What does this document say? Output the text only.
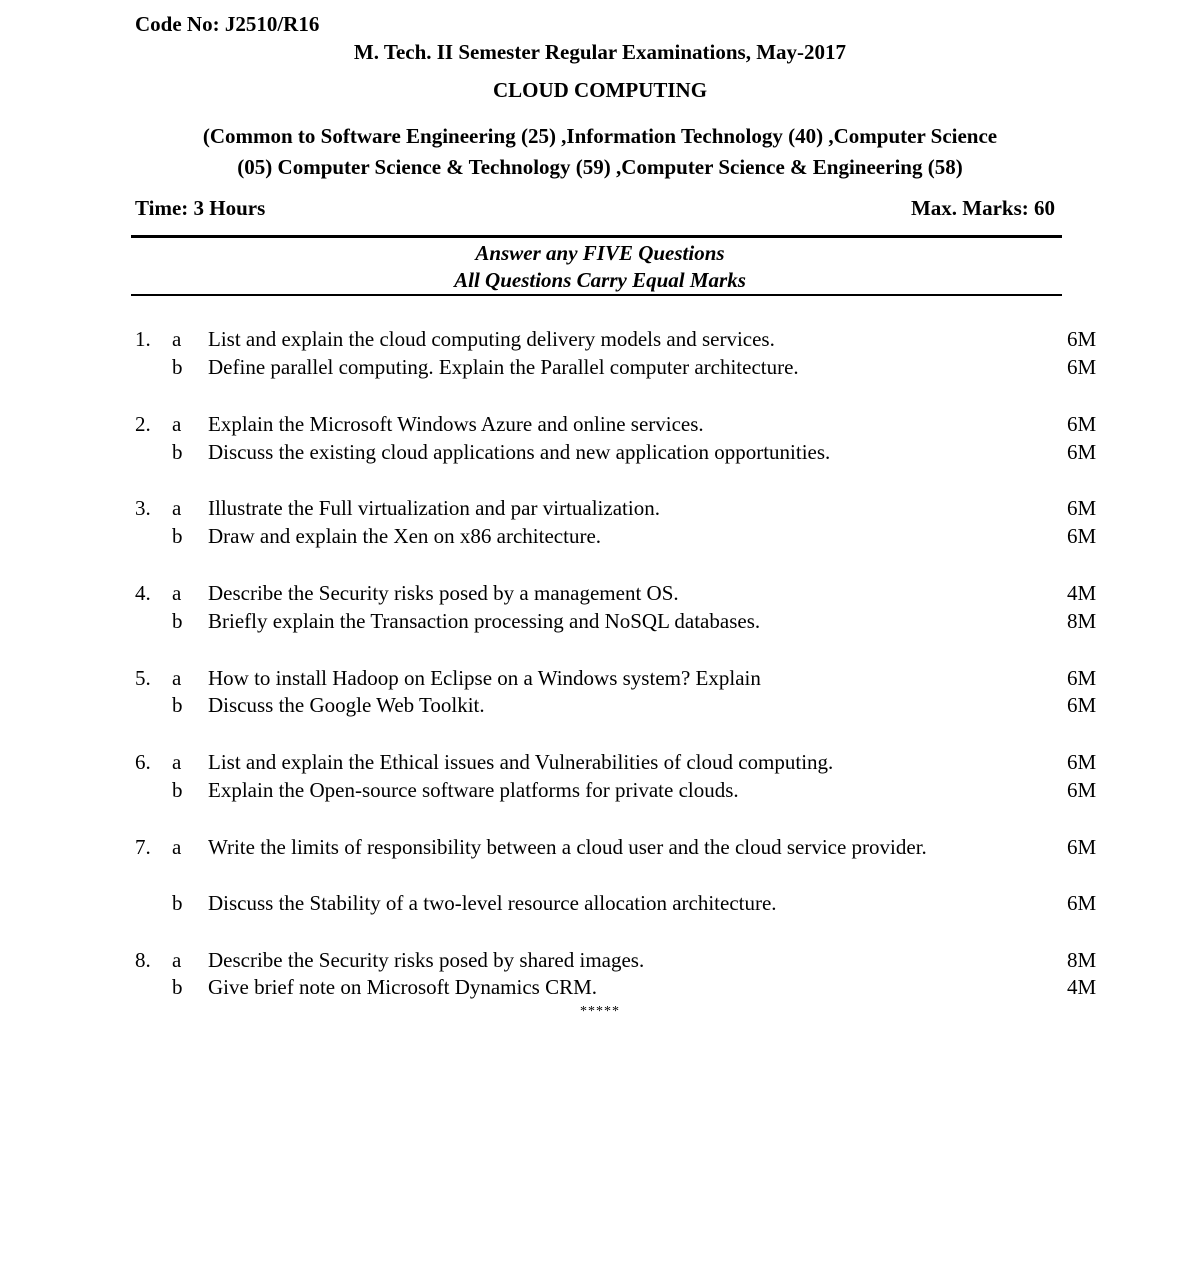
Code No: J2510/R16
M. Tech. II Semester Regular Examinations, May-2017
CLOUD COMPUTING
(Common to Software Engineering (25) ,Information Technology (40) ,Computer Science
(05) Computer Science & Technology (59) ,Computer Science & Engineering (58)
Time: 3 Hours	Max. Marks: 60
Answer any FIVE Questions
All Questions Carry Equal Marks
1. a List and explain the cloud computing delivery models and services.	6M
b Define parallel computing. Explain the Parallel computer architecture.	6M
2. a Explain the Microsoft Windows Azure and online services.	6M
b Discuss the existing cloud applications and new application opportunities.	6M
3. a Illustrate the Full virtualization and par virtualization.	6M
b Draw and explain the Xen on x86 architecture.	6M
4. a Describe the Security risks posed by a management OS.	4M
b Briefly explain the Transaction processing and NoSQL databases.	8M
5. a How to install Hadoop on Eclipse on a Windows system? Explain	6M
b Discuss the Google Web Toolkit.	6M
6. a List and explain the Ethical issues and Vulnerabilities of cloud computing.	6M
b Explain the Open-source software platforms for private clouds.	6M
7. a Write the limits of responsibility between a cloud user and the cloud service provider.	6M
b Discuss the Stability of a two-level resource allocation architecture.	6M
8. a Describe the Security risks posed by shared images.	8M
b Give brief note on Microsoft Dynamics CRM.	4M
*****
